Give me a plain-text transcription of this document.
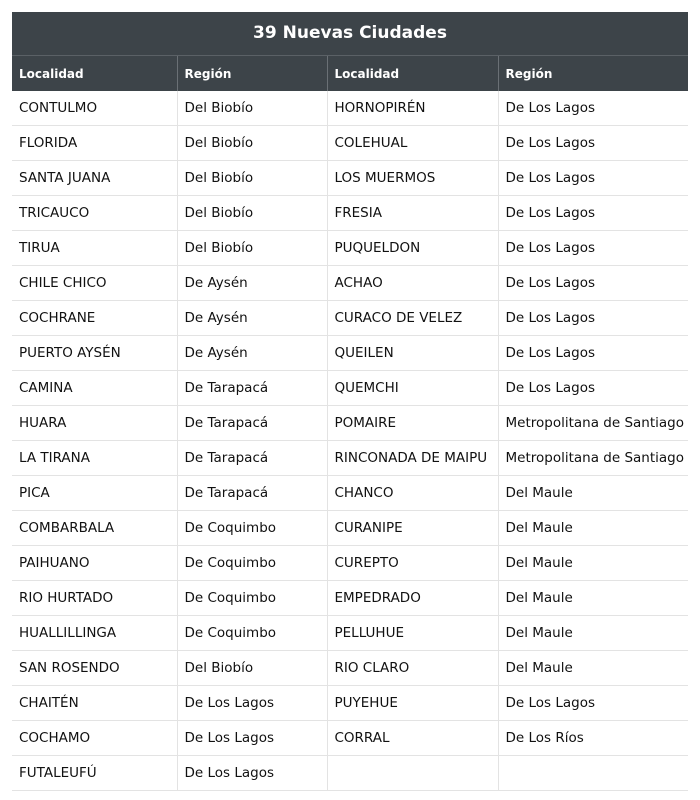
39 Nuevas Ciudades
Localidad	Región	Localidad	Región
CONTULMO	Del Biobío	HORNOPIRÉN	De Los Lagos
FLORIDA	Del Biobío	COLEHUAL	De Los Lagos
SANTA JUANA	Del Biobío	LOS MUERMOS	De Los Lagos
TRICAUCO	Del Biobío	FRESIA	De Los Lagos
TIRUA	Del Biobío	PUQUELDON	De Los Lagos
CHILE CHICO	De Aysén	ACHAO	De Los Lagos
COCHRANE	De Aysén	CURACO DE VELEZ	De Los Lagos
PUERTO AYSÉN	De Aysén	QUEILEN	De Los Lagos
CAMINA	De Tarapacá	QUEMCHI	De Los Lagos
HUARA	De Tarapacá	POMAIRE	Metropolitana de Santiago
LA TIRANA	De Tarapacá	RINCONADA DE MAIPU	Metropolitana de Santiago
PICA	De Tarapacá	CHANCO	Del Maule
COMBARBALA	De Coquimbo	CURANIPE	Del Maule
PAIHUANO	De Coquimbo	CUREPTO	Del Maule
RIO HURTADO	De Coquimbo	EMPEDRADO	Del Maule
HUALLILLINGA	De Coquimbo	PELLUHUE	Del Maule
SAN ROSENDO	Del Biobío	RIO CLARO	Del Maule
CHAITÉN	De Los Lagos	PUYEHUE	De Los Lagos
COCHAMO	De Los Lagos	CORRAL	De Los Ríos
FUTALEUFÚ	De Los Lagos		
